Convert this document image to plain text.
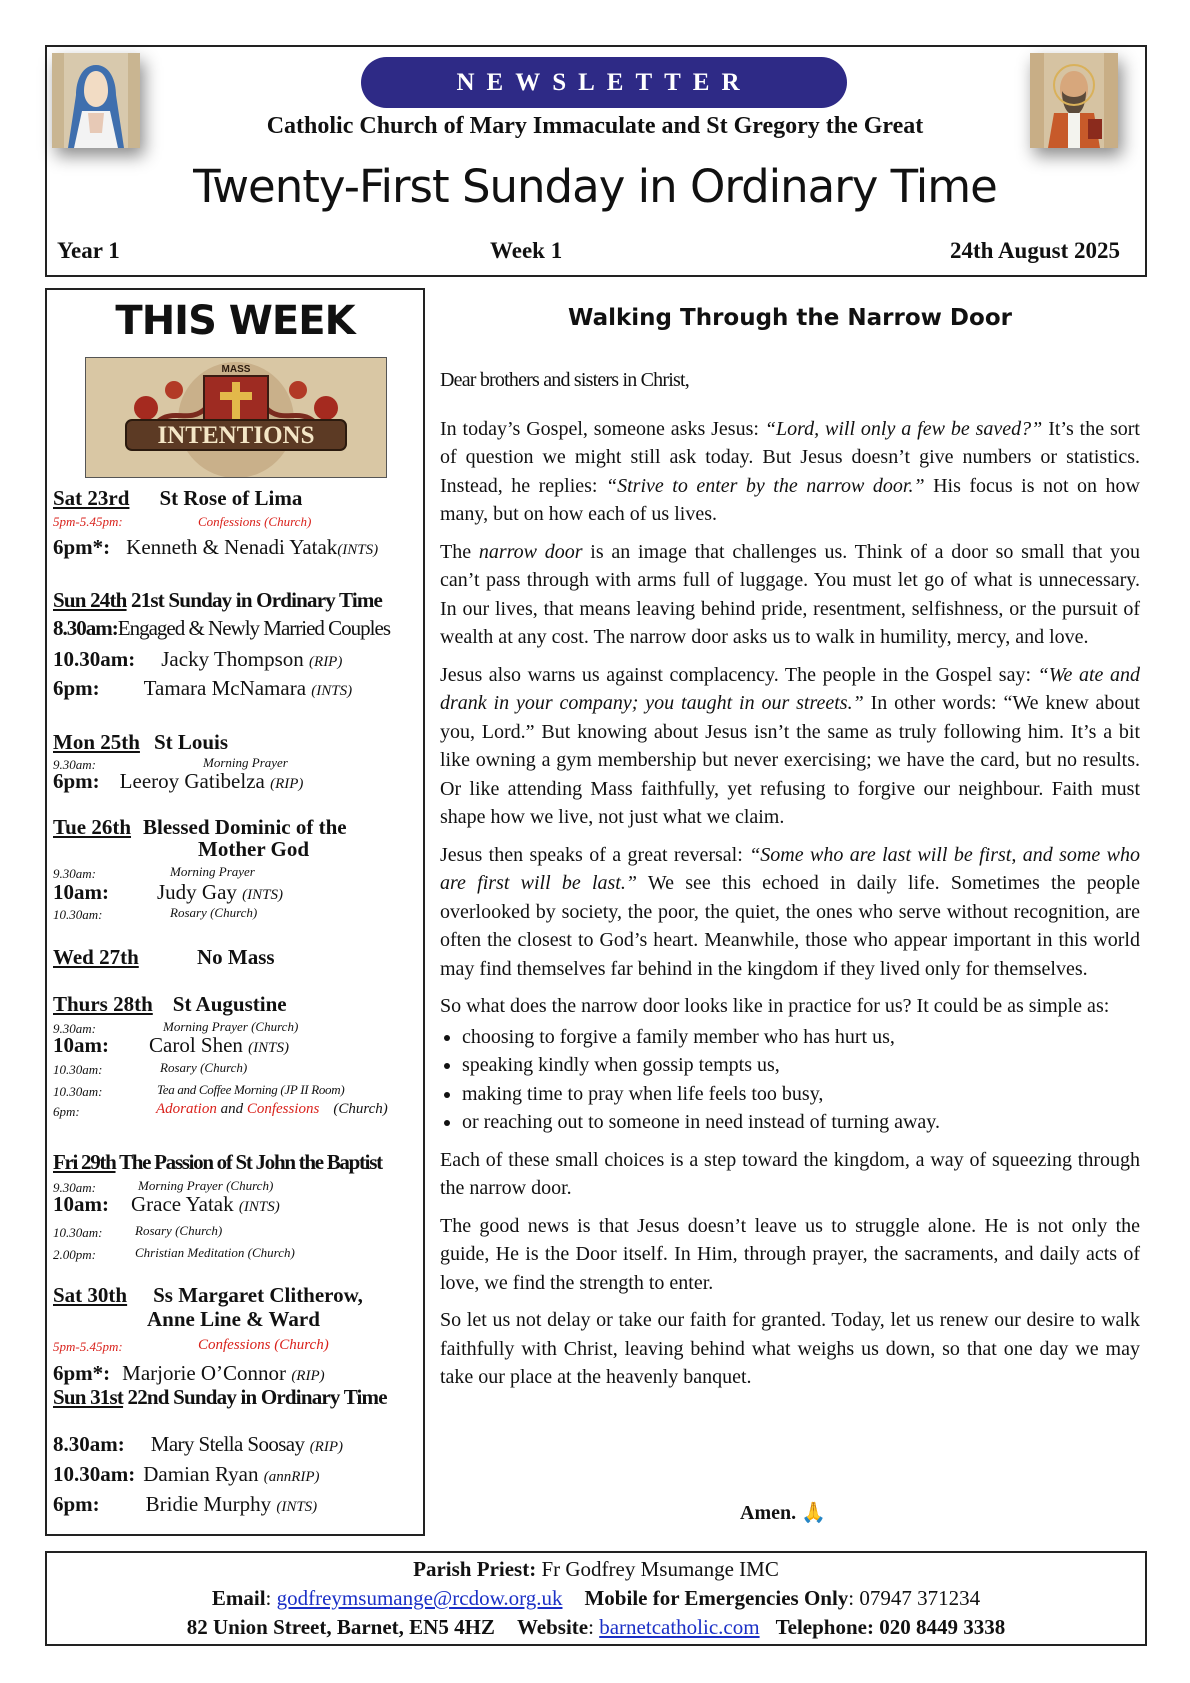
NEWSLETTER
Catholic Church of Mary Immaculate and St Gregory the Great
Twenty-First Sunday in Ordinary Time
Year 1	Week 1	24th August 2025
THIS WEEK
MASS
INTENTIONS
Sat 23rd St Rose of Lima
5pm-5.45pm:	Confessions (Church)
6pm*: Kenneth & Nenadi Yatak(INTS)
Sun 24th 21st Sunday in Ordinary Time
8.30am:Engaged & Newly Married Couples
10.30am: Jacky Thompson (RIP)
6pm: Tamara McNamara (INTS)
Mon 25th St Louis
9.30am:	Morning Prayer
6pm: Leeroy Gatibelza (RIP)
Tue 26th Blessed Dominic of the
Mother God
9.30am:	Morning Prayer
10am: Judy Gay (INTS)
10.30am:	Rosary (Church)
Wed 27th	No Mass
Thurs 28th St Augustine
9.30am:	Morning Prayer (Church)
10am: Carol Shen (INTS)
10.30am:	Rosary (Church)
10.30am:	Tea and Coffee Morning (JP II Room)
6pm:	Adoration and Confessions (Church)
Fri 29th The Passion of St John the Baptist
9.30am:	Morning Prayer (Church)
10am: Grace Yatak (INTS)
10.30am:	Rosary (Church)
2.00pm:	Christian Meditation (Church)
Sat 30th Ss Margaret Clitherow,
Anne Line & Ward
5pm-5.45pm:	Confessions (Church)
6pm*: Marjorie O’Connor (RIP)
Sun 31st 22nd Sunday in Ordinary Time
8.30am: Mary Stella Soosay (RIP)
10.30am: Damian Ryan (annRIP)
6pm: Bridie Murphy (INTS)
Walking Through the Narrow Door

Dear brothers and sisters in Christ,

In today’s Gospel, someone asks Jesus: “Lord, will only a few be saved?” It’s the sort of question we might still ask today. But Jesus doesn’t give numbers or statistics. Instead, he replies: “Strive to enter by the narrow door.” His focus is not on how many, but on how each of us lives.

The narrow door is an image that challenges us. Think of a door so small that you can’t pass through with arms full of luggage. You must let go of what is unnecessary. In our lives, that means leaving behind pride, resentment, selfishness, or the pursuit of wealth at any cost. The narrow door asks us to walk in humility, mercy, and love.

Jesus also warns us against complacency. The people in the Gospel say: “We ate and drank in your company; you taught in our streets.” In other words: “We knew about you, Lord.” But knowing about Jesus isn’t the same as truly following him. It’s a bit like owning a gym membership but never exercising; we have the card, but no results. Or like attending Mass faithfully, yet refusing to forgive our neighbour. Faith must shape how we live, not just what we claim.

Jesus then speaks of a great reversal: “Some who are last will be first, and some who are first will be last.” We see this echoed in daily life. Sometimes the people overlooked by society, the poor, the quiet, the ones who serve without recognition, are often the closest to God’s heart. Meanwhile, those who appear important in this world may find themselves far behind in the kingdom if they lived only for themselves.

So what does the narrow door looks like in practice for us? It could be as simple as:

• choosing to forgive a family member who has hurt us,
• speaking kindly when gossip tempts us,
• making time to pray when life feels too busy,
• or reaching out to someone in need instead of turning away.

Each of these small choices is a step toward the kingdom, a way of squeezing through the narrow door.

The good news is that Jesus doesn’t leave us to struggle alone. He is not only the guide, He is the Door itself. In Him, through prayer, the sacraments, and daily acts of love, we find the strength to enter.

So let us not delay or take our faith for granted. Today, let us renew our desire to walk faithfully with Christ, leaving behind what weighs us down, so that one day we may take our place at the heavenly banquet.

Amen. 🙏
Parish Priest: Fr Godfrey Msumange IMC
Email: godfreymsumange@rcdow.org.uk Mobile for Emergencies Only: 07947 371234
82 Union Street, Barnet, EN5 4HZ Website: barnetcatholic.com Telephone: 020 8449 3338
